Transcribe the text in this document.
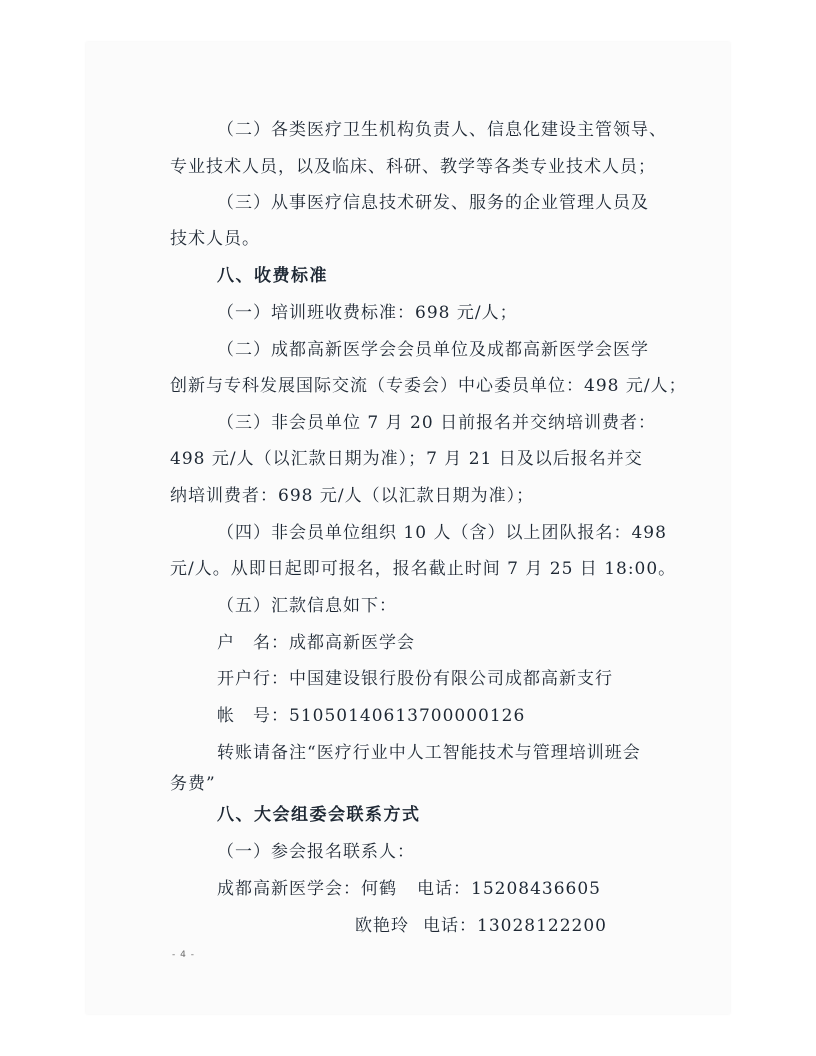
（二）各类医疗卫生机构负责人、信息化建设主管领导、
专业技术人员，以及临床、科研、教学等各类专业技术人员；
（三）从事医疗信息技术研发、服务的企业管理人员及
技术人员。
八、收费标准
（一）培训班收费标准：698 元/人；
（二）成都高新医学会会员单位及成都高新医学会医学
创新与专科发展国际交流（专委会）中心委员单位：498 元/人；
（三）非会员单位 7 月 20 日前报名并交纳培训费者：
498 元/人（以汇款日期为准）；7 月 21 日及以后报名并交
纳培训费者：698 元/人（以汇款日期为准）；
（四）非会员单位组织 10 人（含）以上团队报名：498
元/人。从即日起即可报名，报名截止时间 7 月 25 日 18:00。
（五）汇款信息如下：
户　名：成都高新医学会
开户行：中国建设银行股份有限公司成都高新支行
帐　号：51050140613700000126
转账请备注“医疗行业中人工智能技术与管理培训班会
务费”
八、大会组委会联系方式
（一）参会报名联系人：
成都高新医学会：何鹤 电话：15208436605
欧艳玲 电话：13028122200
- 4 -
